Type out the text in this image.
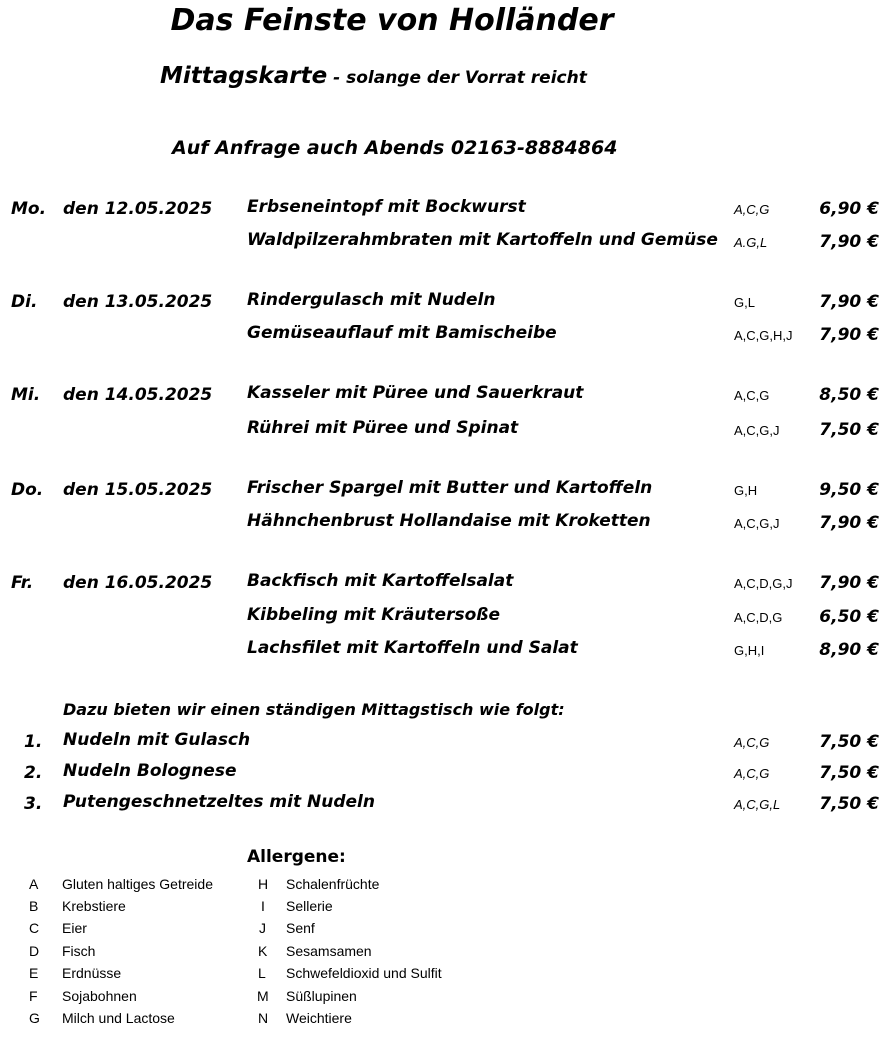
Das Feinste von Holländer
Mittagskarte - solange der Vorrat reicht
Auf Anfrage auch Abends 02163-8884864
Mo. den 12.05.2025 Erbseneintopf mit Bockwurst	A,C,G	6,90 €
Waldpilzerahmbraten mit Kartoffeln und Gemüse A.G,L	7,90 €
Di. den 13.05.2025 Rindergulasch mit Nudeln	G,L	7,90 €
Gemüseauflauf mit Bamischeibe	A,C,G,H,J	7,90 €
Mi. den 14.05.2025 Kasseler mit Püree und Sauerkraut	A,C,G	8,50 €
Rührei mit Püree und Spinat	A,C,G,J	7,50 €
Do. den 15.05.2025 Frischer Spargel mit Butter und Kartoffeln	G,H	9,50 €
Hähnchenbrust Hollandaise mit Kroketten	A,C,G,J	7,90 €
Fr. den 16.05.2025 Backfisch mit Kartoffelsalat	A,C,D,G,J	7,90 €
Kibbeling mit Kräutersoße	A,C,D,G	6,50 €
Lachsfilet mit Kartoffeln und Salat	G,H,I	8,90 €
Dazu bieten wir einen ständigen Mittagstisch wie folgt:
1. Nudeln mit Gulasch	A,C,G	7,50 €
2. Nudeln Bolognese	A,C,G	7,50 €
3. Putengeschnetzeltes mit Nudeln	A,C,G,L	7,50 €
Allergene:
A Gluten haltiges Getreide
B Krebstiere
C Eier
D Fisch
E Erdnüsse
F Sojabohnen
G Milch und Lactose
H Schalenfrüchte
I Sellerie
J Senf
K Sesamsamen
L Schwefeldioxid und Sulfit
M Süßlupinen
N Weichtiere
